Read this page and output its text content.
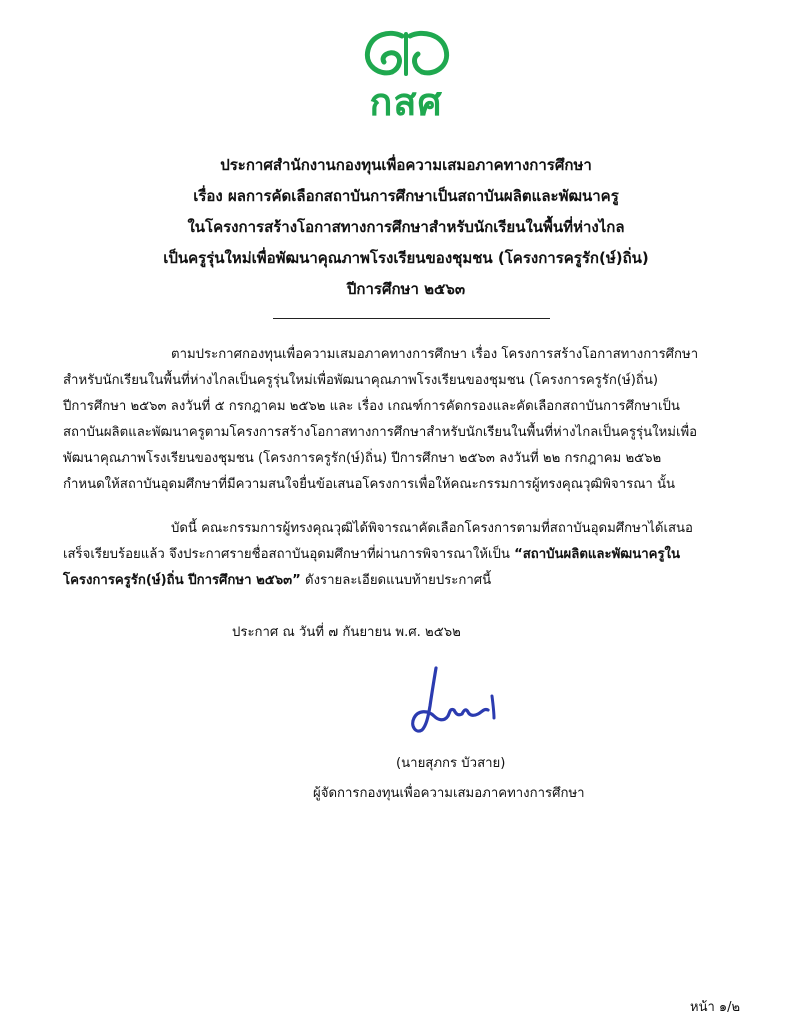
กสศ
ประกาศสำนักงานกองทุนเพื่อความเสมอภาคทางการศึกษา
เรื่อง ผลการคัดเลือกสถาบันการศึกษาเป็นสถาบันผลิตและพัฒนาครู
ในโครงการสร้างโอกาสทางการศึกษาสำหรับนักเรียนในพื้นที่ห่างไกล
เป็นครูรุ่นใหม่เพื่อพัฒนาคุณภาพโรงเรียนของชุมชน (โครงการครูรัก(ษ์)ถิ่น)
ปีการศึกษา ๒๕๖๓
ตามประกาศกองทุนเพื่อความเสมอภาคทางการศึกษา เรื่อง โครงการสร้างโอกาสทางการศึกษา
สำหรับนักเรียนในพื้นที่ห่างไกลเป็นครูรุ่นใหม่เพื่อพัฒนาคุณภาพโรงเรียนของชุมชน (โครงการครูรัก(ษ์)ถิ่น)
ปีการศึกษา ๒๕๖๓ ลงวันที่ ๕ กรกฎาคม ๒๕๖๒ และ เรื่อง เกณฑ์การคัดกรองและคัดเลือกสถาบันการศึกษาเป็น
สถาบันผลิตและพัฒนาครูตามโครงการสร้างโอกาสทางการศึกษาสำหรับนักเรียนในพื้นที่ห่างไกลเป็นครูรุ่นใหม่เพื่อ
พัฒนาคุณภาพโรงเรียนของชุมชน (โครงการครูรัก(ษ์)ถิ่น) ปีการศึกษา ๒๕๖๓ ลงวันที่ ๒๒ กรกฎาคม ๒๕๖๒
กำหนดให้สถาบันอุดมศึกษาที่มีความสนใจยื่นข้อเสนอโครงการเพื่อให้คณะกรรมการผู้ทรงคุณวุฒิพิจารณา นั้น
บัดนี้ คณะกรรมการผู้ทรงคุณวุฒิได้พิจารณาคัดเลือกโครงการตามที่สถาบันอุดมศึกษาได้เสนอ
เสร็จเรียบร้อยแล้ว จึงประกาศรายชื่อสถาบันอุดมศึกษาที่ผ่านการพิจารณาให้เป็น “สถาบันผลิตและพัฒนาครูใน
โครงการครูรัก(ษ์)ถิ่น ปีการศึกษา ๒๕๖๓” ดังรายละเอียดแนบท้ายประกาศนี้
ประกาศ ณ วันที่ ๗ กันยายน พ.ศ. ๒๕๖๒
(นายสุภกร บัวสาย)
ผู้จัดการกองทุนเพื่อความเสมอภาคทางการศึกษา
หน้า ๑/๒
